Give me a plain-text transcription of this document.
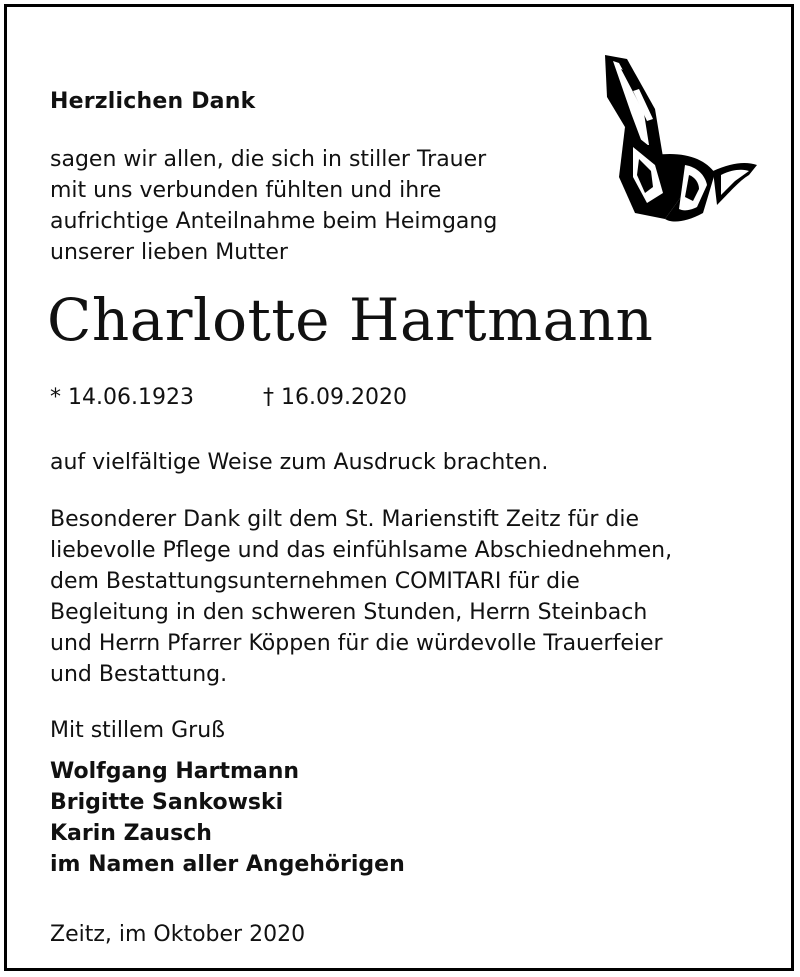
Herzlichen Dank
sagen wir allen, die sich in stiller Trauer
mit uns verbunden fühlten und ihre
aufrichtige Anteilnahme beim Heimgang
unserer lieben Mutter
Charlotte Hartmann
* 14.06.1923	† 16.09.2020
auf vielfältige Weise zum Ausdruck brachten.
Besonderer Dank gilt dem St. Marienstift Zeitz für die
liebevolle Pflege und das einfühlsame Abschiednehmen,
dem Bestattungsunternehmen COMITARI für die
Begleitung in den schweren Stunden, Herrn Steinbach
und Herrn Pfarrer Köppen für die würdevolle Trauerfeier
und Bestattung.
Mit stillem Gruß
Wolfgang Hartmann
Brigitte Sankowski
Karin Zausch
im Namen aller Angehörigen
Zeitz, im Oktober 2020
